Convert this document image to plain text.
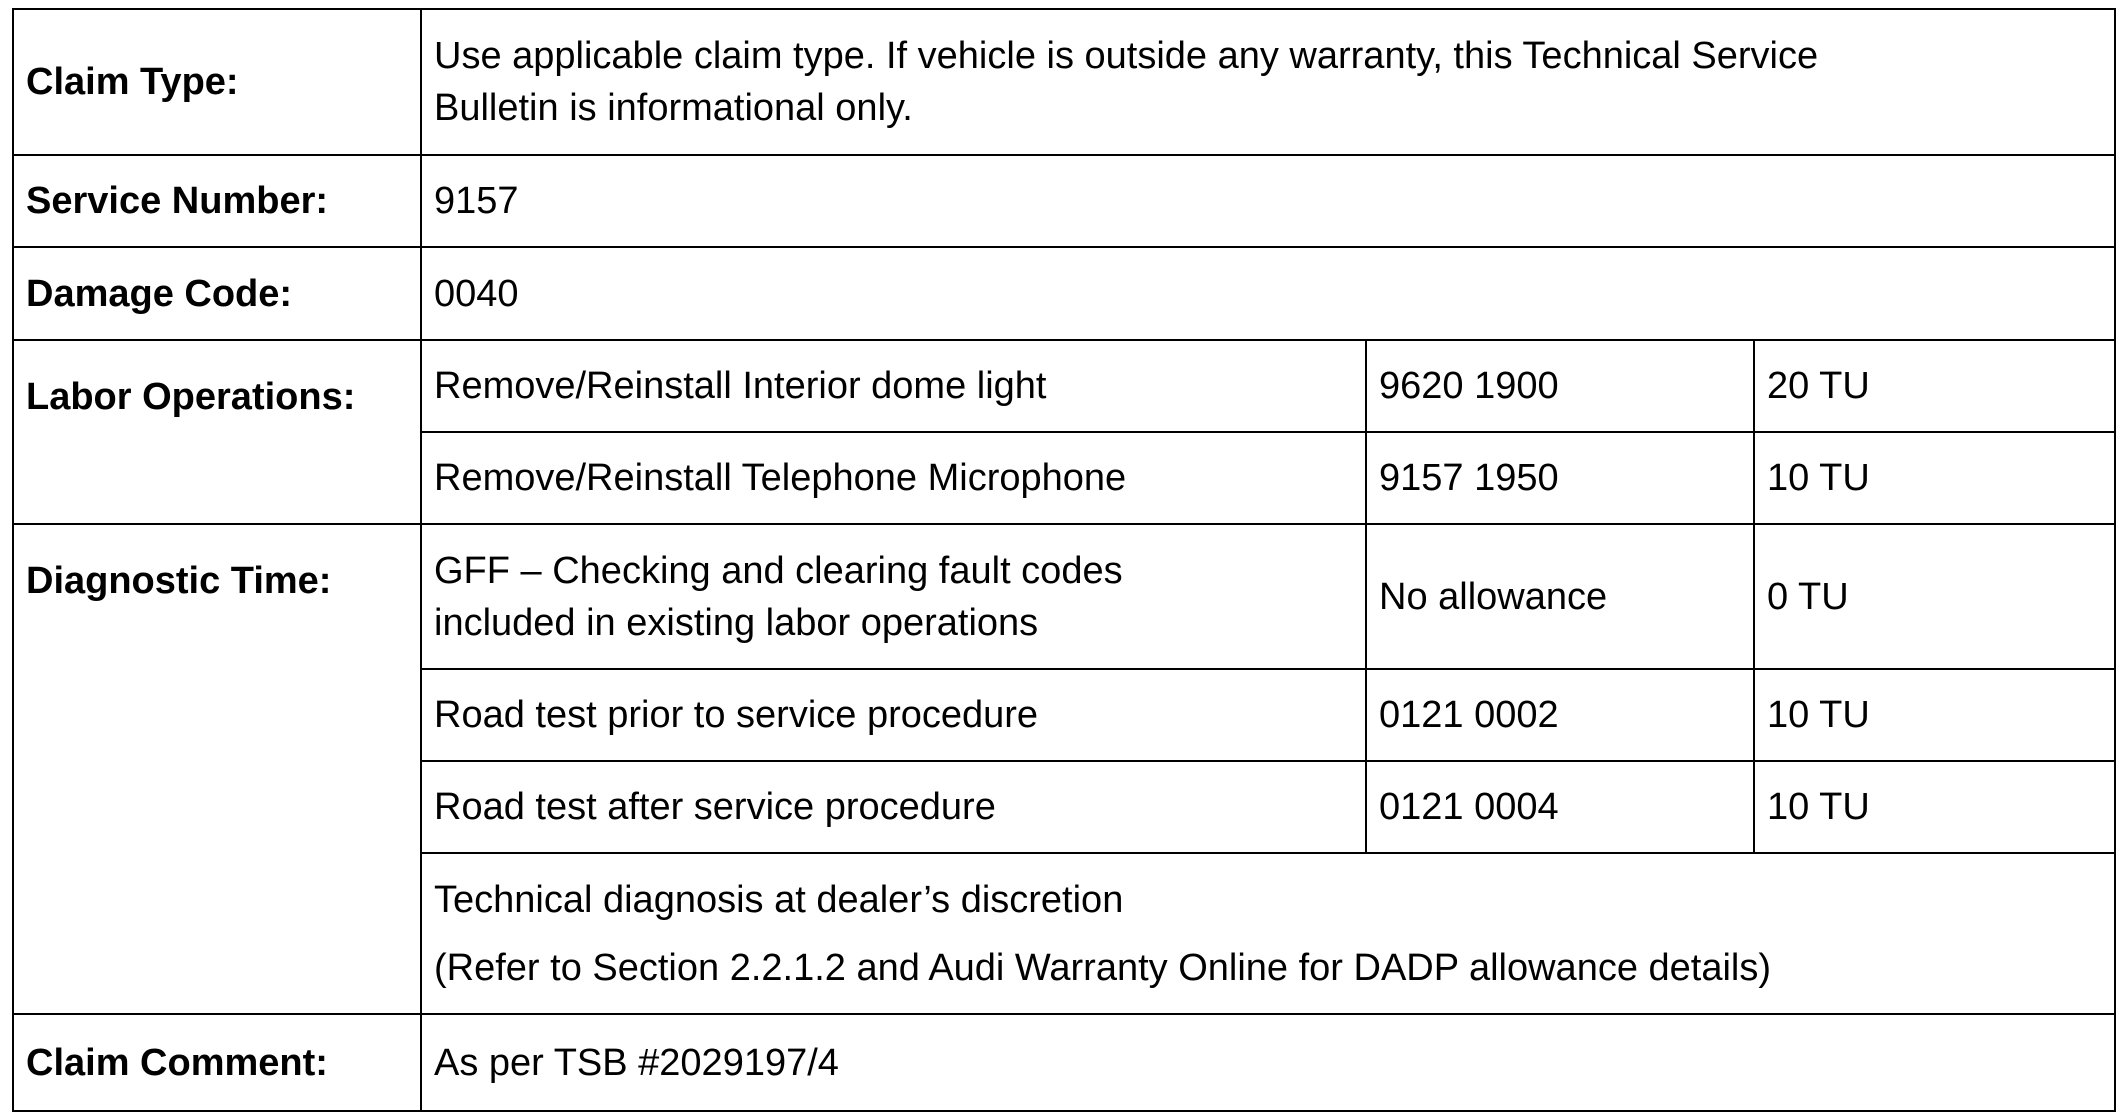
Claim Type:	Use applicable claim type. If vehicle is outside any warranty, this Technical Service
Bulletin is informational only.		

Service Number:	9157		
Damage Code:	0040		
Labor Operations:	Remove/Reinstall Interior dome light	9620 1900	20 TU
	Remove/Reinstall Telephone Microphone	9157 1950	10 TU
Diagnostic Time:	GFF – Checking and clearing fault codes
included in existing labor operations	No allowance	0 TU
	Road test prior to service procedure	0121 0002	10 TU
	Road test after service procedure	0121 0004	10 TU

	Technical diagnosis at dealer’s discretion
(Refer to Section 2.2.1.2 and Audi Warranty Online for DADP allowance details)		

Claim Comment:	As per TSB #2029197/4		
